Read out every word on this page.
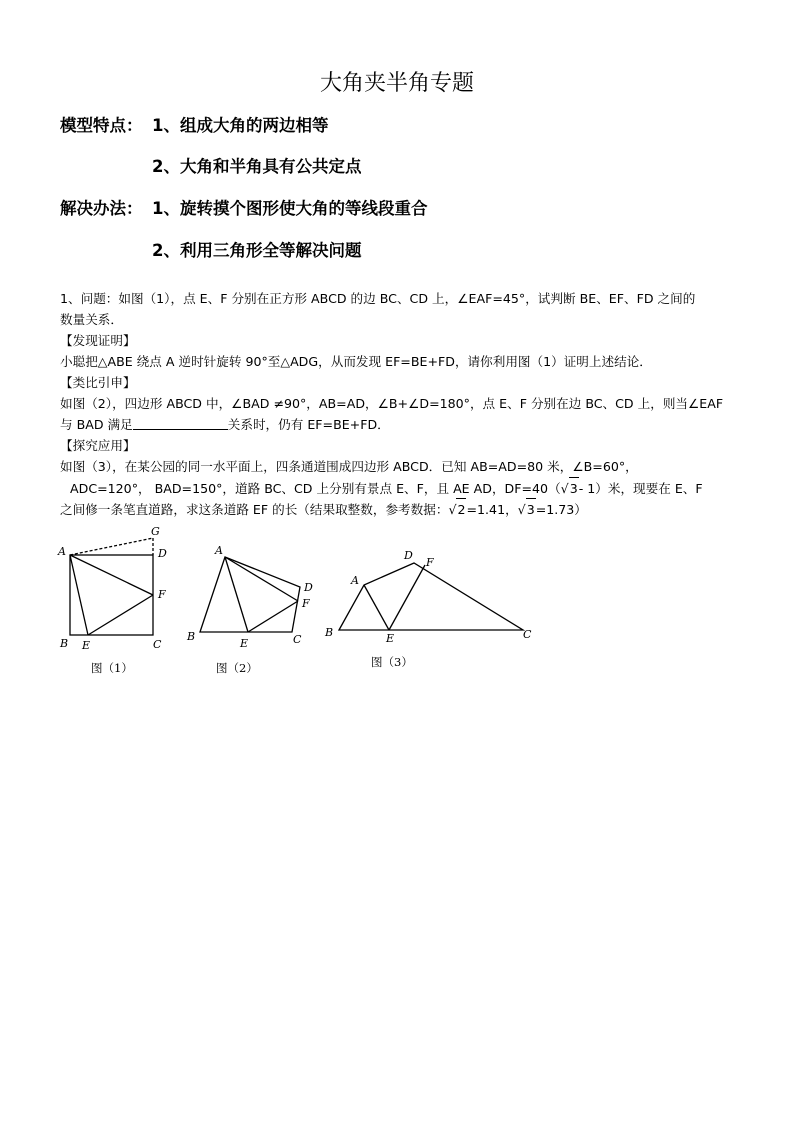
大角夹半角专题
模型特点： 1、组成大角的两边相等
2、大角和半角具有公共定点
解决办法： 1、旋转摸个图形使大角的等线段重合
2、利用三角形全等解决问题
1、问题：如图（1），点 E、F 分别在正方形 ABCD 的边 BC、CD 上，∠EAF=45°，试判断 BE、EF、FD 之间的
数量关系．
【发现证明】
小聪把△ABE 绕点 A 逆时针旋转 90°至△ADG，从而发现 EF=BE+FD，请你利用图（1）证明上述结论．
【类比引申】
如图（2），四边形 ABCD 中，∠BAD ≠90°，AB=AD，∠B+∠D=180°，点 E、F 分别在边 BC、CD 上，则当∠EAF
与 BAD 满足	关系时，仍有 EF=BE+FD．
【探究应用】
如图（3），在某公园的同一水平面上，四条通道围成四边形 ABCD．已知 AB=AD=80 米，∠B=60°，
ADC=120°， BAD=150°，道路 BC、CD 上分别有景点 E、F，且 AE AD，DF=40（√3- 1）米，现要在 E、F
之间修一条笔直道路，求这条道路 EF 的长（结果取整数，参考数据：√2=1.41，√3=1.73）
A
B	C
D
E
F
G
图（1）
A
B	C
D
E
F
图（2）
A
B	C
D
E
F
图（3）
